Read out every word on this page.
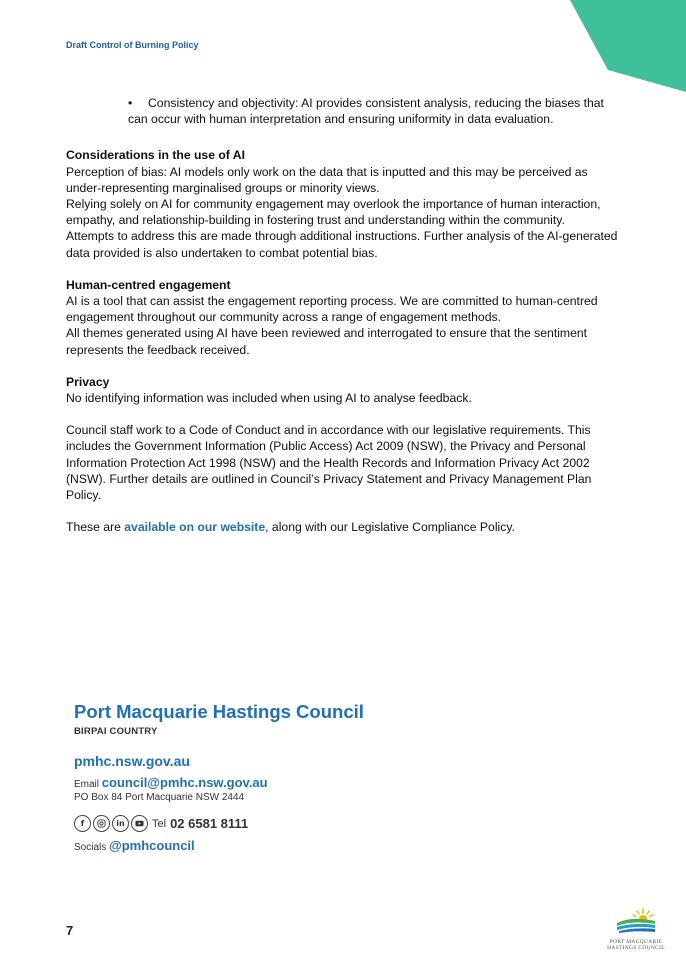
Draft Control of Burning Policy
•	Consistency and objectivity: AI provides consistent analysis, reducing the biases that can occur with human interpretation and ensuring uniformity in data evaluation.

Considerations in the use of AI

Perception of bias: AI models only work on the data that is inputted and this may be perceived as under-representing marginalised groups or minority views.

Relying solely on AI for community engagement may overlook the importance of human interaction, empathy, and relationship-building in fostering trust and understanding within the community.

Attempts to address this are made through additional instructions. Further analysis of the AI-generated data provided is also undertaken to combat potential bias.

Human-centred engagement

AI is a tool that can assist the engagement reporting process. We are committed to human-centred engagement throughout our community across a range of engagement methods.

All themes generated using AI have been reviewed and interrogated to ensure that the sentiment represents the feedback received.

Privacy

No identifying information was included when using AI to analyse feedback.

Council staff work to a Code of Conduct and in accordance with our legislative requirements. This includes the Government Information (Public Access) Act 2009 (NSW), the Privacy and Personal Information Protection Act 1998 (NSW) and the Health Records and Information Privacy Act 2002 (NSW). Further details are outlined in Council’s Privacy Statement and Privacy Management Plan Policy.

These are available on our website, along with our Legislative Compliance Policy.

Port Macquarie Hastings Council
BIRPAI COUNTRY
pmhc.nsw.gov.au
Email council@pmhc.nsw.gov.au
PO Box 84 Port Macquarie NSW 2444
f	in	Tel 02 6581 8111
Socials @pmhcouncil
7
PORT MACQUARIE
HASTINGS COUNCIL
